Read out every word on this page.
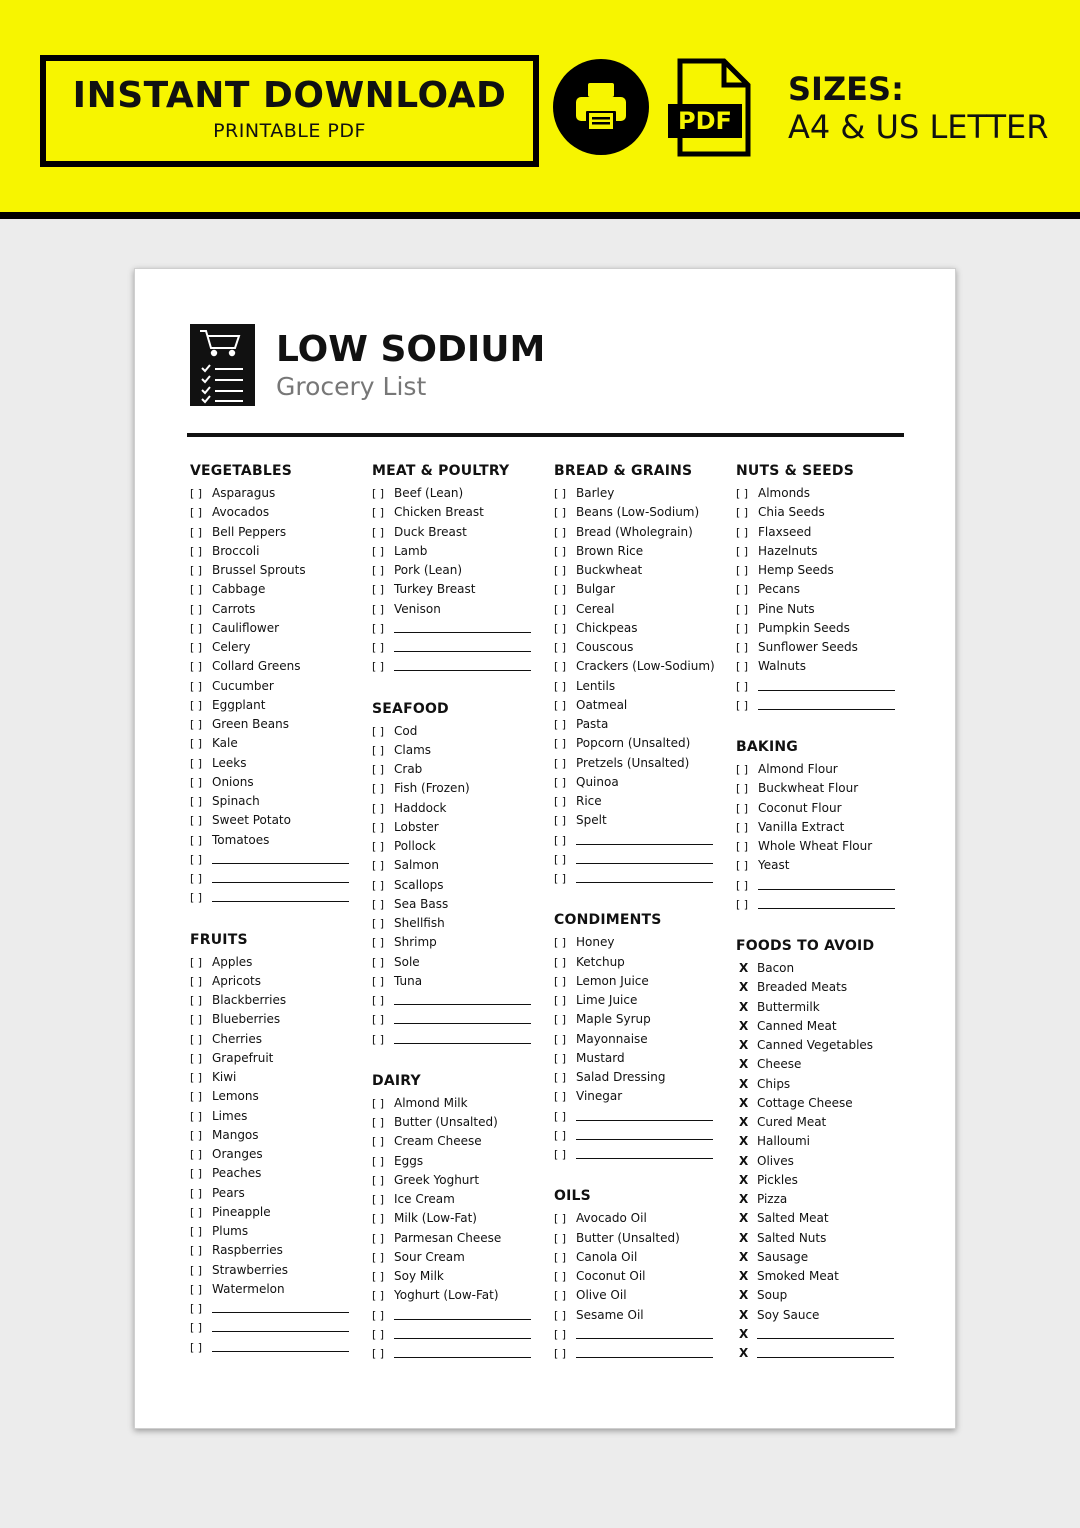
INSTANT DOWNLOAD
PRINTABLE PDF	PDF
SIZES:
A4 & US LETTER
LOW SODIUM
Grocery List
VEGETABLES
[ ] Asparagus
[ ] Avocados
[ ] Bell Peppers
[ ] Broccoli
[ ] Brussel Sprouts
[ ] Cabbage
[ ] Carrots
[ ] Cauliflower
[ ] Celery
[ ] Collard Greens
[ ] Cucumber
[ ] Eggplant
[ ] Green Beans
[ ] Kale
[ ] Leeks
[ ] Onions
[ ] Spinach
[ ] Sweet Potato
[ ] Tomatoes
[ ]
[ ]
[ ]
FRUITS
[ ] Apples
[ ] Apricots
[ ] Blackberries
[ ] Blueberries
[ ] Cherries
[ ] Grapefruit
[ ] Kiwi
[ ] Lemons
[ ] Limes
[ ] Mangos
[ ] Oranges
[ ] Peaches
[ ] Pears
[ ] Pineapple
[ ] Plums
[ ] Raspberries
[ ] Strawberries
[ ] Watermelon
[ ]
[ ]
[ ]
MEAT & POULTRY
[ ] Beef (Lean)
[ ] Chicken Breast
[ ] Duck Breast
[ ] Lamb
[ ] Pork (Lean)
[ ] Turkey Breast
[ ] Venison
[ ]
[ ]
[ ]
SEAFOOD
[ ] Cod
[ ] Clams
[ ] Crab
[ ] Fish (Frozen)
[ ] Haddock
[ ] Lobster
[ ] Pollock
[ ] Salmon
[ ] Scallops
[ ] Sea Bass
[ ] Shellfish
[ ] Shrimp
[ ] Sole
[ ] Tuna
[ ]
[ ]
[ ]
DAIRY
[ ] Almond Milk
[ ] Butter (Unsalted)
[ ] Cream Cheese
[ ] Eggs
[ ] Greek Yoghurt
[ ] Ice Cream
[ ] Milk (Low-Fat)
[ ] Parmesan Cheese
[ ] Sour Cream
[ ] Soy Milk
[ ] Yoghurt (Low-Fat)
[ ]
[ ]
[ ]
BREAD & GRAINS
[ ] Barley
[ ] Beans (Low-Sodium)
[ ] Bread (Wholegrain)
[ ] Brown Rice
[ ] Buckwheat
[ ] Bulgar
[ ] Cereal
[ ] Chickpeas
[ ] Couscous
[ ] Crackers (Low-Sodium)
[ ] Lentils
[ ] Oatmeal
[ ] Pasta
[ ] Popcorn (Unsalted)
[ ] Pretzels (Unsalted)
[ ] Quinoa
[ ] Rice
[ ] Spelt
[ ]
[ ]
[ ]
CONDIMENTS
[ ] Honey
[ ] Ketchup
[ ] Lemon Juice
[ ] Lime Juice
[ ] Maple Syrup
[ ] Mayonnaise
[ ] Mustard
[ ] Salad Dressing
[ ] Vinegar
[ ]
[ ]
[ ]
OILS
[ ] Avocado Oil
[ ] Butter (Unsalted)
[ ] Canola Oil
[ ] Coconut Oil
[ ] Olive Oil
[ ] Sesame Oil
[ ]
[ ]
NUTS & SEEDS
[ ] Almonds
[ ] Chia Seeds
[ ] Flaxseed
[ ] Hazelnuts
[ ] Hemp Seeds
[ ] Pecans
[ ] Pine Nuts
[ ] Pumpkin Seeds
[ ] Sunflower Seeds
[ ] Walnuts
[ ]
[ ]
BAKING
[ ] Almond Flour
[ ] Buckwheat Flour
[ ] Coconut Flour
[ ] Vanilla Extract
[ ] Whole Wheat Flour
[ ] Yeast
[ ]
[ ]
FOODS TO AVOID
X Bacon
X Breaded Meats
X Buttermilk
X Canned Meat
X Canned Vegetables
X Cheese
X Chips
X Cottage Cheese
X Cured Meat
X Halloumi
X Olives
X Pickles
X Pizza
X Salted Meat
X Salted Nuts
X Sausage
X Smoked Meat
X Soup
X Soy Sauce
X
X
